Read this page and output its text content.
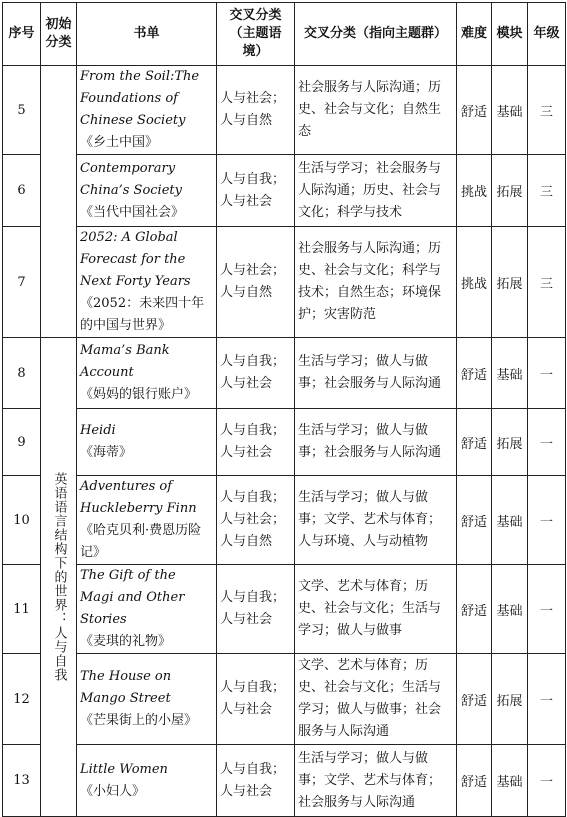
序号	初始分类	书单	交叉分类（主题语境）	交叉分类（指向主题群）	难度	模块	年级
5		From the Soil:The Foundations of Chinese Society
《乡土中国》	人与社会；人与自然	社会服务与人际沟通；历史、社会与文化；自然生态	舒适	基础	三
6		Contemporary China’s Society
《当代中国社会》	人与自我；人与社会	生活与学习；社会服务与人际沟通；历史、社会与文化；科学与技术	挑战	拓展	三
7		2052: A Global Forecast for the Next Forty Years
《2052：未来四十年的中国与世界》	人与社会；人与自然	社会服务与人际沟通；历史、社会与文化；科学与技术；自然生态；环境保护；灾害防范	挑战	拓展	三
8	英语语言结构下的世界：人与自我	Mama’s Bank Account
《妈妈的银行账户》	人与自我；人与社会	生活与学习；做人与做事；社会服务与人际沟通	舒适	基础	一
9		Heidi
《海蒂》	人与自我；人与社会	生活与学习；做人与做事；社会服务与人际沟通	舒适	拓展	一
10		Adventures of Huckleberry Finn
《哈克贝利·费恩历险记》	人与自我；人与社会；人与自然	生活与学习；做人与做事；文学、艺术与体育；人与环境、人与动植物	舒适	基础	一
11		The Gift of the Magi and Other Stories
《麦琪的礼物》	人与自我；人与社会	文学、艺术与体育；历史、社会与文化；生活与学习；做人与做事	舒适	基础	一
12		The House on Mango Street
《芒果街上的小屋》	人与自我；人与社会	文学、艺术与体育；历史、社会与文化；生活与学习；做人与做事；社会服务与人际沟通	舒适	拓展	一
13		Little Women
《小妇人》	人与自我；人与社会	生活与学习；做人与做事；文学、艺术与体育；社会服务与人际沟通	舒适	基础	一
